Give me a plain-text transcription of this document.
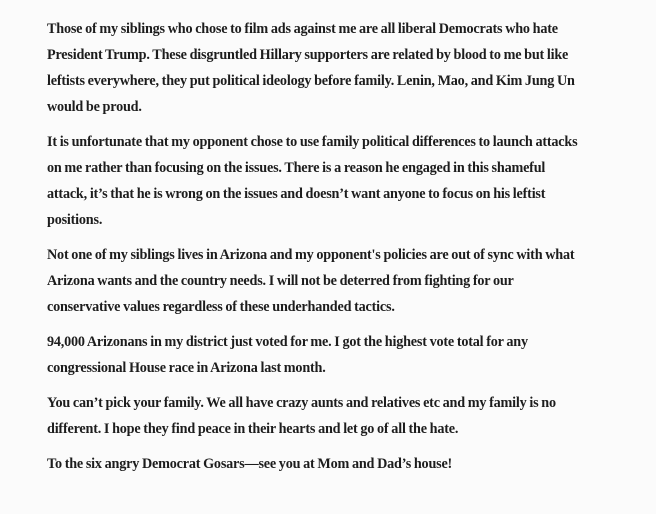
Those of my siblings who chose to film ads against me are all liberal Democrats who hate
President Trump. These disgruntled Hillary supporters are related by blood to me but like
leftists everywhere, they put political ideology before family. Lenin, Mao, and Kim Jung Un
would be proud.

It is unfortunate that my opponent chose to use family political differences to launch attacks
on me rather than focusing on the issues. There is a reason he engaged in this shameful
attack, it’s that he is wrong on the issues and doesn’t want anyone to focus on his leftist
positions.

Not one of my siblings lives in Arizona and my opponent's policies are out of sync with what
Arizona wants and the country needs. I will not be deterred from fighting for our
conservative values regardless of these underhanded tactics.

94,000 Arizonans in my district just voted for me. I got the highest vote total for any
congressional House race in Arizona last month.

You can’t pick your family. We all have crazy aunts and relatives etc and my family is no
different. I hope they find peace in their hearts and let go of all the hate.

To the six angry Democrat Gosars—see you at Mom and Dad’s house!
